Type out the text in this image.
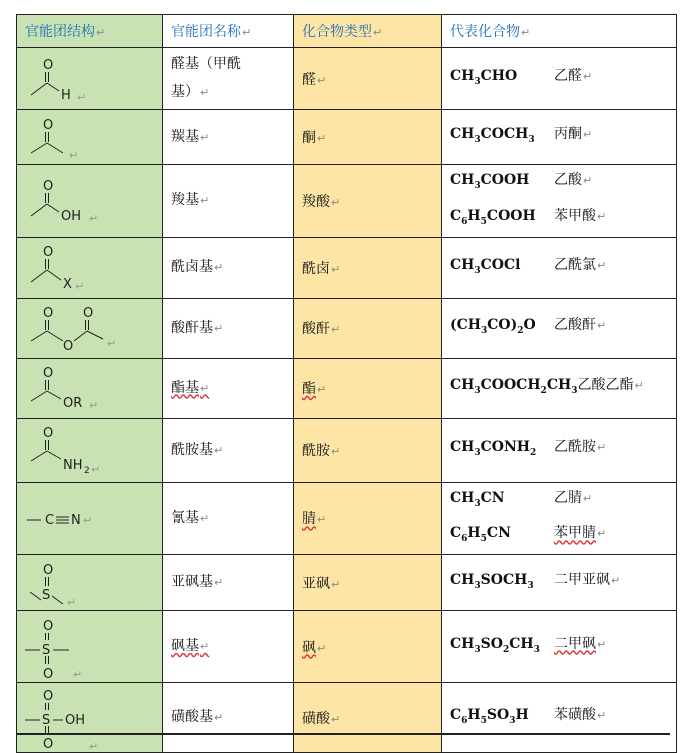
官能团结构↵	官能团名称↵	化合物类型↵	代表化合物↵

O
H ↵	醛基（甲酰
基）↵	醛↵	$CH_3CHO$ 乙醛↵

O
↵	羰基↵	酮↵	$CH_3COCH_3$ 丙酮↵

O
OH ↵	羧基↵	羧酸↵	$CH_3COOH$ 乙酸↵
$C_6H_5COOH$ 苯甲酸↵

O
X ↵	酰卤基↵	酰卤↵	$CH_3COCl$ 乙酰氯↵

O
O
O
↵	酸酐基↵	酸酐↵	$(CH_3CO)_2O$ 乙酸酐↵

O
OR ↵	酯基↵	酯↵	$CH_3COOCH_2CH_3$乙酸乙酯↵

O
NH 2 ↵	酰胺基↵	酰胺↵	$CH_3CONH_2$ 乙酰胺↵

C N ↵	氰基↵	腈↵	$CH_3CN$ 乙腈↵
$C_6H_5CN$ 苯甲腈↵

O
S ↵	亚砜基↵	亚砜↵	$CH_3SOCH_3$ 二甲亚砜↵

O
S
O ↵	砜基↵	砜↵	$CH_3SO_2CH_3$ 二甲砜↵

O
S OH
O ↵	磺酸基↵	磺酸↵	$C_6H_5SO_3H$ 苯磺酸↵
